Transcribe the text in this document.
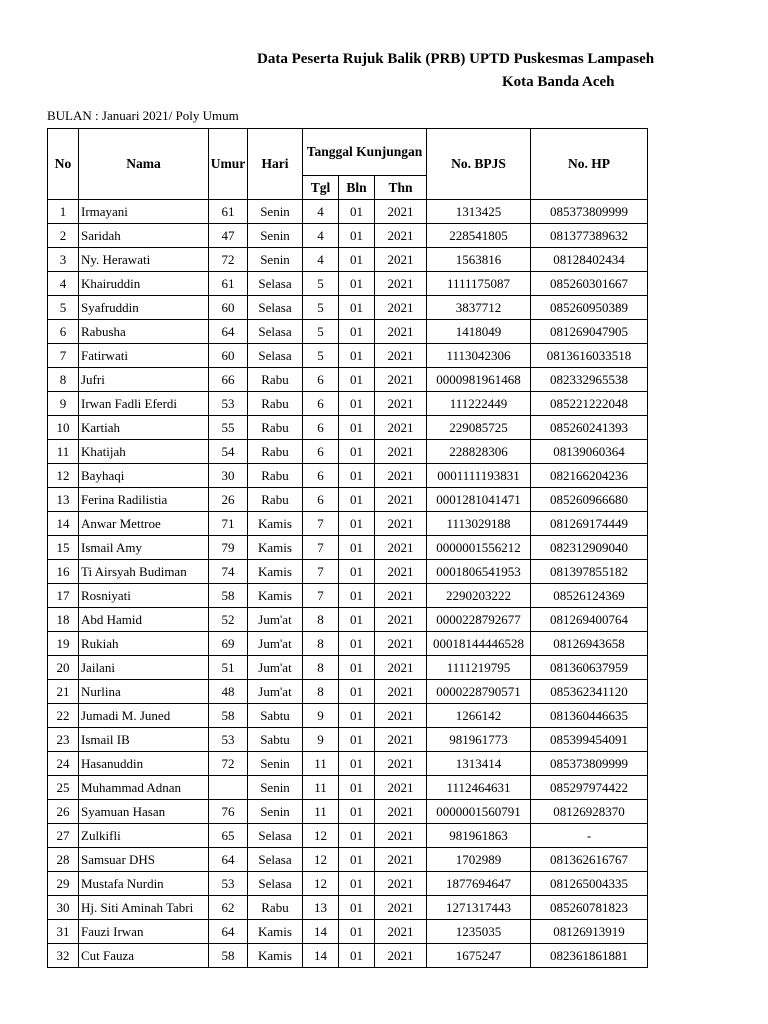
Data Peserta Rujuk Balik (PRB) UPTD Puskesmas Lampaseh
Kota Banda Aceh
BULAN : Januari 2021/ Poly Umum
No	Nama	Umur	Hari	Tanggal Kunjungan			No. BPJS	No. HP
				Tgl	Bln	Thn		
1	Irmayani	61	Senin	4	01	2021	1313425	085373809999
2	Saridah	47	Senin	4	01	2021	228541805	081377389632
3	Ny. Herawati	72	Senin	4	01	2021	1563816	08128402434
4	Khairuddin	61	Selasa	5	01	2021	1111175087	085260301667
5	Syafruddin	60	Selasa	5	01	2021	3837712	085260950389
6	Rabusha	64	Selasa	5	01	2021	1418049	081269047905
7	Fatirwati	60	Selasa	5	01	2021	1113042306	0813616033518
8	Jufri	66	Rabu	6	01	2021	0000981961468	082332965538
9	Irwan Fadli Eferdi	53	Rabu	6	01	2021	111222449	085221222048
10	Kartiah	55	Rabu	6	01	2021	229085725	085260241393
11	Khatijah	54	Rabu	6	01	2021	228828306	08139060364
12	Bayhaqi	30	Rabu	6	01	2021	0001111193831	082166204236
13	Ferina Radilistia	26	Rabu	6	01	2021	0001281041471	085260966680
14	Anwar Mettroe	71	Kamis	7	01	2021	1113029188	081269174449
15	Ismail Amy	79	Kamis	7	01	2021	0000001556212	082312909040
16	Ti Airsyah Budiman	74	Kamis	7	01	2021	0001806541953	081397855182
17	Rosniyati	58	Kamis	7	01	2021	2290203222	08526124369
18	Abd Hamid	52	Jum'at	8	01	2021	0000228792677	081269400764
19	Rukiah	69	Jum'at	8	01	2021	00018144446528	08126943658
20	Jailani	51	Jum'at	8	01	2021	1111219795	081360637959
21	Nurlina	48	Jum'at	8	01	2021	0000228790571	085362341120
22	Jumadi M. Juned	58	Sabtu	9	01	2021	1266142	081360446635
23	Ismail IB	53	Sabtu	9	01	2021	981961773	085399454091
24	Hasanuddin	72	Senin	11	01	2021	1313414	085373809999
25	Muhammad Adnan		Senin	11	01	2021	1112464631	085297974422
26	Syamuan Hasan	76	Senin	11	01	2021	0000001560791	08126928370
27	Zulkifli	65	Selasa	12	01	2021	981961863	-
28	Samsuar DHS	64	Selasa	12	01	2021	1702989	081362616767
29	Mustafa Nurdin	53	Selasa	12	01	2021	1877694647	081265004335
30	Hj. Siti Aminah Tabri	62	Rabu	13	01	2021	1271317443	085260781823
31	Fauzi Irwan	64	Kamis	14	01	2021	1235035	08126913919
32	Cut Fauza	58	Kamis	14	01	2021	1675247	082361861881
